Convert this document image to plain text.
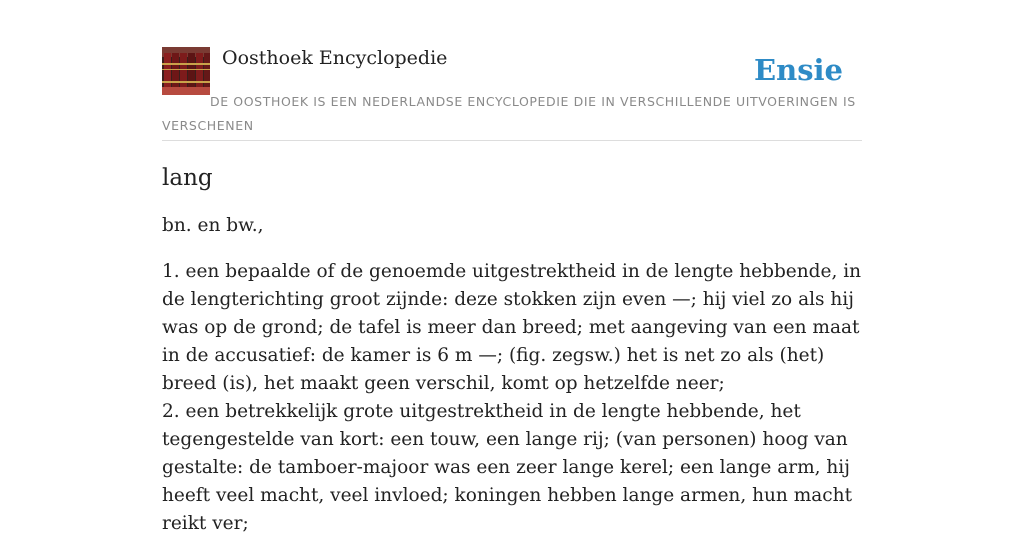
Oosthoek Encyclopedie	Ensie

DE OOSTHOEK IS EEN NEDERLANDSE ENCYCLOPEDIE DIE IN VERSCHILLENDE UITVOERINGEN IS VERSCHENEN

lang

bn. en bw.,

1. een bepaalde of de genoemde uitgestrektheid in de lengte hebbende, in de lengterichting groot zijnde: deze stokken zijn even —; hij viel zo als hij was op de grond; de tafel is meer dan breed; met aangeving van een maat in de accusatief: de kamer is 6 m —; (fig. zegsw.) het is net zo als (het) breed (is), het maakt geen verschil, komt op hetzelfde neer;
2. een betrekkelijk grote uitgestrektheid in de lengte hebbende, het tegengestelde van kort: een touw, een lange rij; (van personen) hoog van gestalte: de tamboer-majoor was een zeer lange kerel; een lange arm, hij heeft veel macht, veel invloed; koningen hebben lange armen, hun macht reikt ver;
